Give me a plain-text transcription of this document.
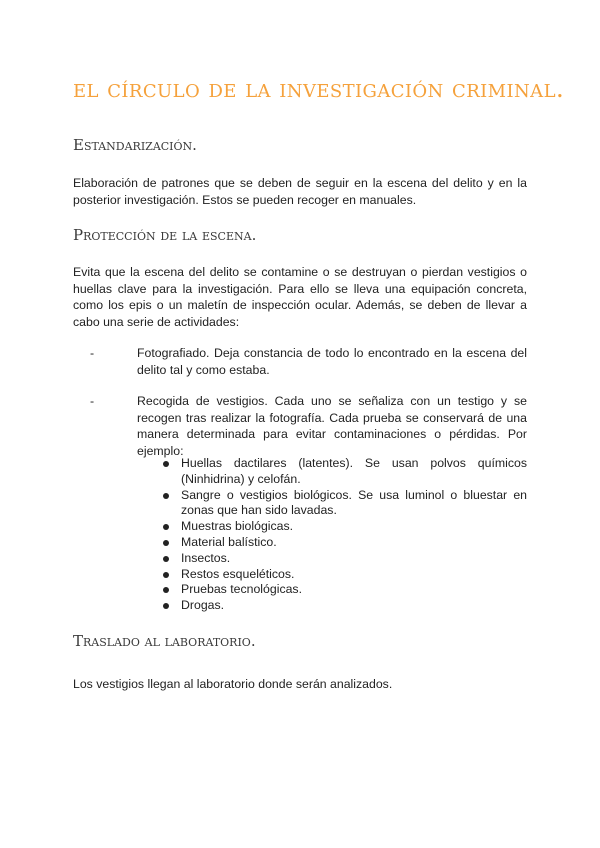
el círculo de la investigación criminal.
Estandarización.

Elaboración de patrones que se deben de seguir en la escena del delito y en la posterior investigación. Estos se pueden recoger en manuales.

Protección de la escena.

Evita que la escena del delito se contamine o se destruyan o pierdan vestigios o huellas clave para la investigación. Para ello se lleva una equipación concreta, como los epis o un maletín de inspección ocular. Además, se deben de llevar a cabo una serie de actividades:

-	Fotografiado. Deja constancia de todo lo encontrado en la escena del delito tal y como estaba.
-	Recogida de vestigios. Cada uno se señaliza con un testigo y se recogen tras realizar la fotografía. Cada prueba se conservará de una manera determinada para evitar contaminaciones o pérdidas. Por ejemplo:
Huellas dactilares (latentes). Se usan polvos químicos (Ninhidrina) y celofán.
Sangre o vestigios biológicos. Se usa luminol o bluestar en zonas que han sido lavadas.
Muestras biológicas.
Material balístico.
Insectos.
Restos esqueléticos.
Pruebas tecnológicas.
Drogas.
Traslado al laboratorio.

Los vestigios llegan al laboratorio donde serán analizados.
